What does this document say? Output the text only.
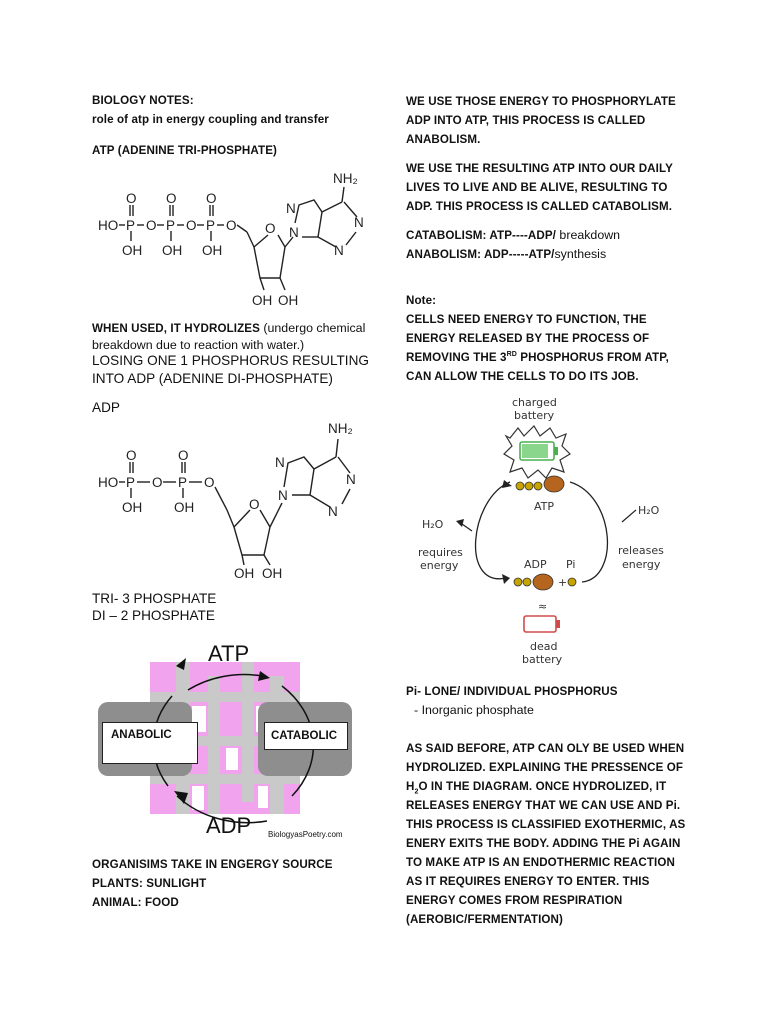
BIOLOGY NOTES:
role of atp in energy coupling and transfer
ATP (ADENINE TRI-PHOSPHATE)
HO P
O
OH
O P
O
OH
O P
O
OH
O O
OH OH
N
N
N
N
NH₂
WHEN USED, IT HYDROLIZES (undergo chemical
breakdown due to reaction with water.)
LOSING ONE 1 PHOSPHORUS RESULTING
INTO ADP (ADENINE DI-PHOSPHATE)
ADP
HO P
O
OH
O P
O
OH
O
O
OH OH
N
N
N
N
NH₂
TRI- 3 PHOSPHATE
DI – 2 PHOSPHATE
ATP
ADP
ANABOLIC	CATABOLIC
BiologyasPoetry.com
ORGANISIMS TAKE IN ENGERGY SOURCE
PLANTS: SUNLIGHT
ANIMAL: FOOD
WE USE THOSE ENERGY TO PHOSPHORYLATE
ADP INTO ATP, THIS PROCESS IS CALLED
ANABOLISM.
WE USE THE RESULTING ATP INTO OUR DAILY
LIVES TO LIVE AND BE ALIVE, RESULTING TO
ADP. THIS PROCESS IS CALLED CATABOLISM.
CATABOLISM: ATP----ADP/ breakdown
ANABOLISM: ADP-----ATP/synthesis
Note:
CELLS NEED ENERGY TO FUNCTION, THE
ENERGY RELEASED BY THE PROCESS OF
REMOVING THE 3RD PHOSPHORUS FROM ATP,
CAN ALLOW THE CELLS TO DO ITS JOB.
charged
battery
ATP
H₂O
H₂O
requires
energy
releases
energy
ADP Pi
+
≈
dead
battery
Pi- LONE/ INDIVIDUAL PHOSPHORUS
- Inorganic phosphate
AS SAID BEFORE, ATP CAN OLY BE USED WHEN
HYDROLIZED. EXPLAINING THE PRESSENCE OF
$H_2O$ IN THE DIAGRAM. ONCE HYDROLIZED, IT
RELEASES ENERGY THAT WE CAN USE AND Pi.
THIS PROCESS IS CLASSIFIED EXOTHERMIC, AS
ENERY EXITS THE BODY. ADDING THE Pi AGAIN
TO MAKE ATP IS AN ENDOTHERMIC REACTION
AS IT REQUIRES ENERGY TO ENTER. THIS
ENERGY COMES FROM RESPIRATION
(AEROBIC/FERMENTATION)
